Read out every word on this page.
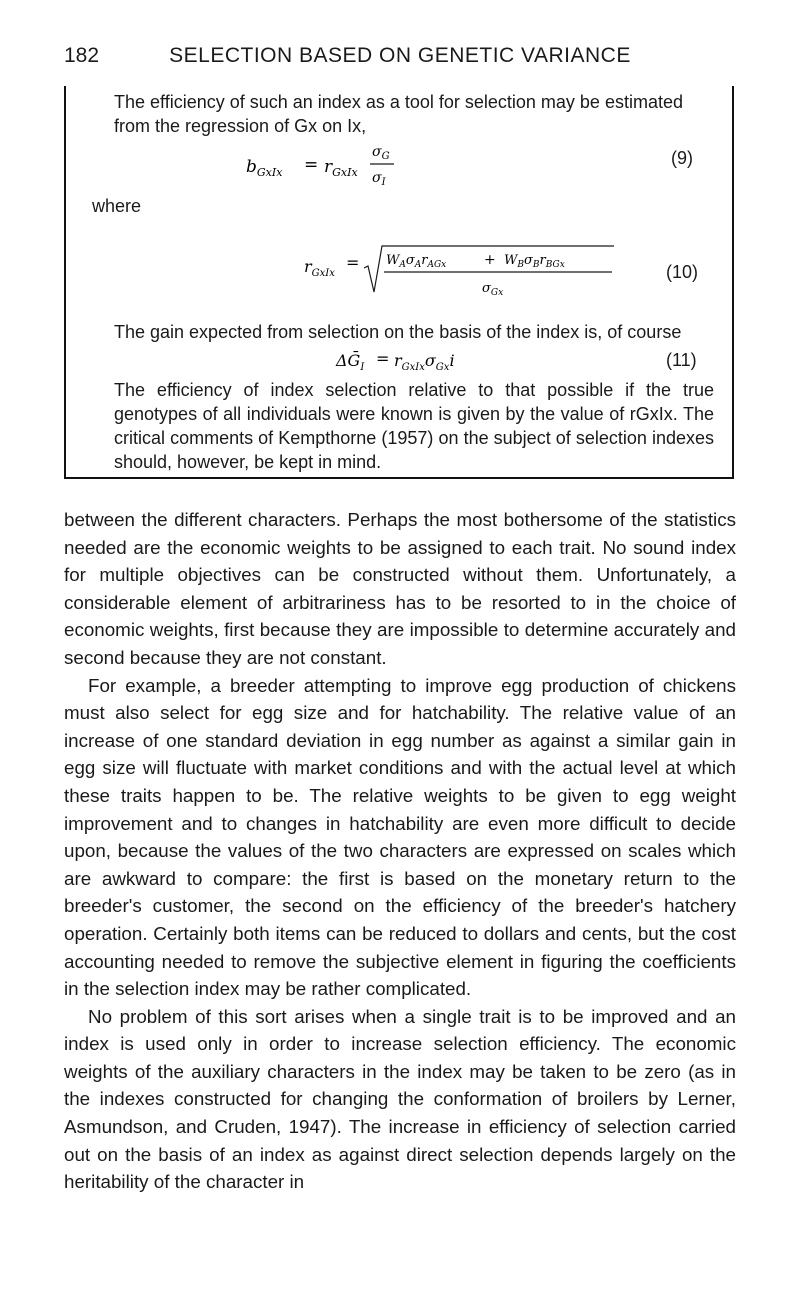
182	SELECTION BASED ON GENETIC VARIANCE

The efficiency of such an index as a tool for selection may be estimated from the regression of Gx on Ix,

$b_{GxIx} = r_{GxIx}$
$\sigma_G$
$\sigma_I$
(9)
where
$r_{GxIx}$
= $W_A\sigma_Ar_{AGx}$	+ $W_B\sigma_Br_{BGx}$
$\sigma_{Gx}$
(10)

The gain expected from selection on the basis of the index is, of course

ΔḠ$_I$ = $r_{GxIx}\sigma_{Gx}i$	(11)

The efficiency of index selection relative to that possible if the true genotypes of all individuals were known is given by the value of rGxIx. The critical comments of Kempthorne (1957) on the subject of selection indexes should, however, be kept in mind.

between the different characters. Perhaps the most bothersome of the statistics needed are the economic weights to be assigned to each trait. No sound index for multiple objectives can be constructed without them. Unfortunately, a considerable element of arbitrariness has to be resorted to in the choice of economic weights, first because they are impossible to determine accurately and second because they are not constant.

For example, a breeder attempting to improve egg production of chickens must also select for egg size and for hatchability. The relative value of an increase of one standard deviation in egg number as against a similar gain in egg size will fluctuate with market conditions and with the actual level at which these traits happen to be. The relative weights to be given to egg weight improvement and to changes in hatchability are even more difficult to decide upon, because the values of the two characters are expressed on scales which are awkward to compare: the first is based on the monetary return to the breeder's customer, the second on the efficiency of the breeder's hatchery operation. Certainly both items can be reduced to dollars and cents, but the cost accounting needed to remove the subjective element in figuring the coefficients in the selection index may be rather complicated.

No problem of this sort arises when a single trait is to be improved and an index is used only in order to increase selection efficiency. The economic weights of the auxiliary characters in the index may be taken to be zero (as in the indexes constructed for changing the conformation of broilers by Lerner, Asmundson, and Cruden, 1947). The increase in efficiency of selection carried out on the basis of an index as against direct selection depends largely on the heritability of the character in
